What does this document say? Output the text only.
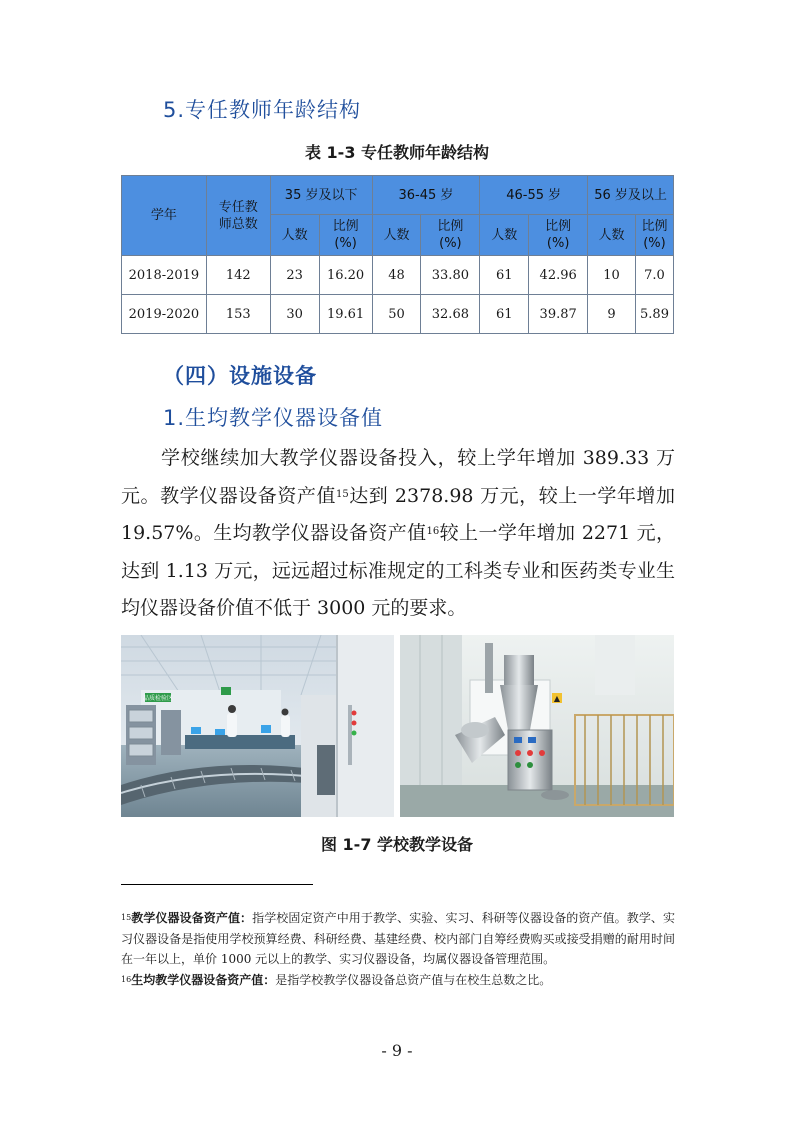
5.专任教师年龄结构
表 1-3 专任教师年龄结构
学年	专任教师总数	35 岁及以下		36-45 岁		46-55 岁		56 岁及以上	
		人数	比例(%)	人数	比例(%)	人数	比例(%)	人数	比例(%)
2018-2019	142	23	16.20	48	33.80	61	42.96	10	7.0
2019-2020	153	30	19.61	50	32.68	61	39.87	9	5.89
（四）设施设备
1.生均教学仪器设备值

学校继续加大教学仪器设备投入，较上学年增加 389.33 万元。教学仪器设备资产值$^{15}$达到 2378.98 万元，较上一学年增加 19.57%。生均教学仪器设备资产值$^{16}$较上一学年增加 2271 元，达到 1.13 万元，远远超过标准规定的工科类专业和医药类专业生均仪器设备价值不低于 3000 元的要求。

品质检验区	▲
图 1-7 学校教学设备

$^{15}$教学仪器设备资产值：指学校固定资产中用于教学、实验、实习、科研等仪器设备的资产值。教学、实习仪器设备是指使用学校预算经费、科研经费、基建经费、校内部门自筹经费购买或接受捐赠的耐用时间在一年以上，单价 1000 元以上的教学、实习仪器设备，均属仪器设备管理范围。

$^{16}$生均教学仪器设备资产值：是指学校教学仪器设备总资产值与在校生总数之比。

- 9 -
